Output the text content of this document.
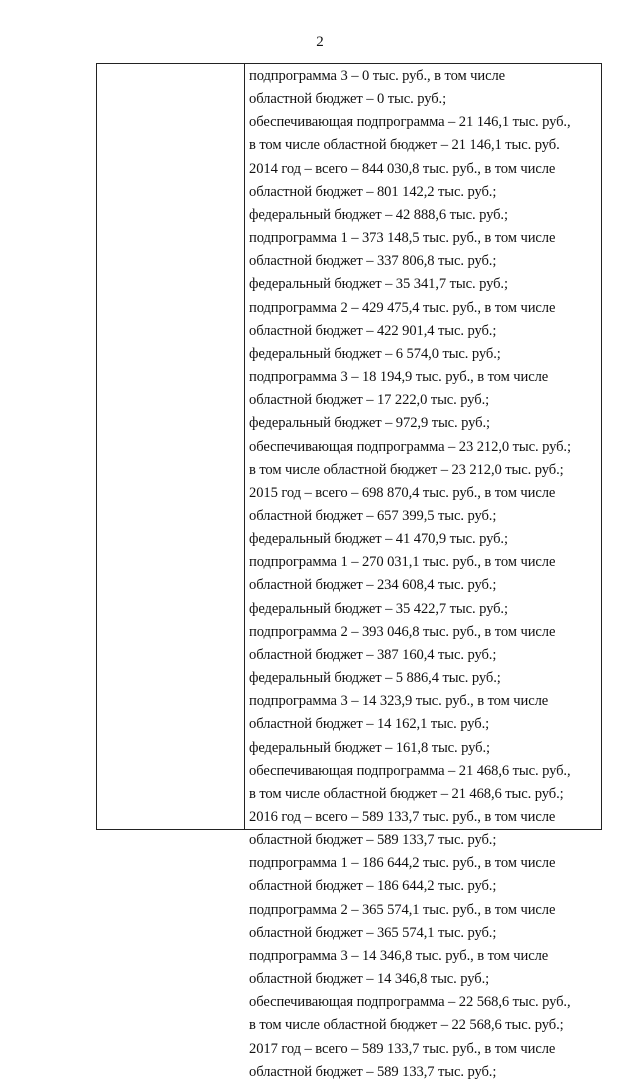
2
подпрограмма 3 – 0 тыс. руб., в том числе
областной бюджет – 0 тыс. руб.;
обеспечивающая подпрограмма – 21 146,1 тыс. руб.,
в том числе областной бюджет – 21 146,1 тыс. руб.
2014 год – всего – 844 030,8 тыс. руб., в том числе
областной бюджет – 801 142,2 тыс. руб.;
федеральный бюджет – 42 888,6 тыс. руб.;
подпрограмма 1 – 373 148,5 тыс. руб., в том числе
областной бюджет – 337 806,8 тыс. руб.;
федеральный бюджет – 35 341,7 тыс. руб.;
подпрограмма 2 – 429 475,4 тыс. руб., в том числе
областной бюджет – 422 901,4 тыс. руб.;
федеральный бюджет – 6 574,0 тыс. руб.;
подпрограмма 3 – 18 194,9 тыс. руб., в том числе
областной бюджет – 17 222,0 тыс. руб.;
федеральный бюджет – 972,9 тыс. руб.;
обеспечивающая подпрограмма – 23 212,0 тыс. руб.;
в том числе областной бюджет – 23 212,0 тыс. руб.;
2015 год – всего – 698 870,4 тыс. руб., в том числе
областной бюджет – 657 399,5 тыс. руб.;
федеральный бюджет – 41 470,9 тыс. руб.;
подпрограмма 1 – 270 031,1 тыс. руб., в том числе
областной бюджет – 234 608,4 тыс. руб.;
федеральный бюджет – 35 422,7 тыс. руб.;
подпрограмма 2 – 393 046,8 тыс. руб., в том числе
областной бюджет – 387 160,4 тыс. руб.;
федеральный бюджет – 5 886,4 тыс. руб.;
подпрограмма 3 – 14 323,9 тыс. руб., в том числе
областной бюджет – 14 162,1 тыс. руб.;
федеральный бюджет – 161,8 тыс. руб.;
обеспечивающая подпрограмма – 21 468,6 тыс. руб.,
в том числе областной бюджет – 21 468,6 тыс. руб.;
2016 год – всего – 589 133,7 тыс. руб., в том числе
областной бюджет – 589 133,7 тыс. руб.;
подпрограмма 1 – 186 644,2 тыс. руб., в том числе
областной бюджет – 186 644,2 тыс. руб.;
подпрограмма 2 – 365 574,1 тыс. руб., в том числе
областной бюджет – 365 574,1 тыс. руб.;
подпрограмма 3 – 14 346,8 тыс. руб., в том числе
областной бюджет – 14 346,8 тыс. руб.;
обеспечивающая подпрограмма – 22 568,6 тыс. руб.,
в том числе областной бюджет – 22 568,6 тыс. руб.;
2017 год – всего – 589 133,7 тыс. руб., в том числе
областной бюджет – 589 133,7 тыс. руб.;
